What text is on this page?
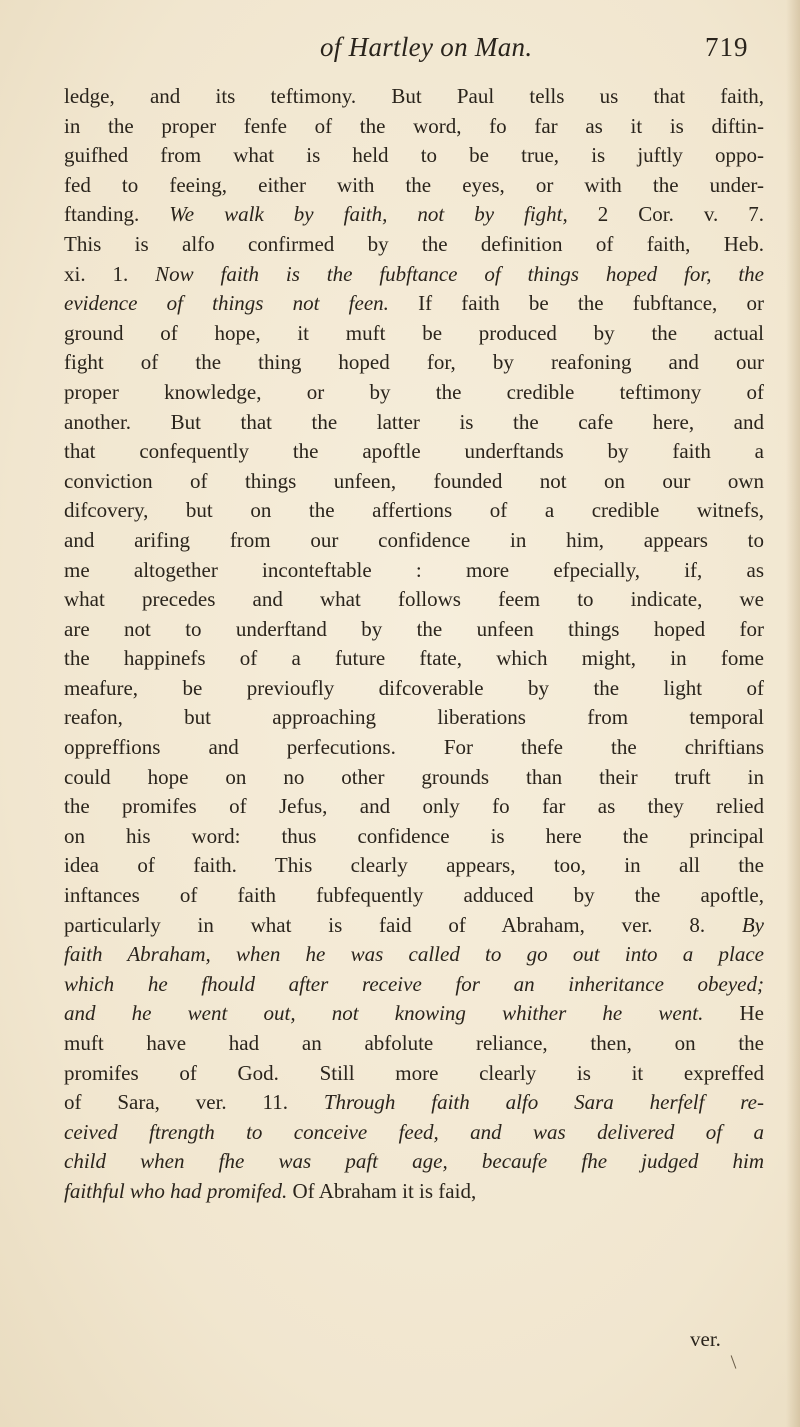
of Hartley on Man.	719
ledge, and its teftimony. But Paul tells us that faith,
in the proper fenfe of the word, fo far as it is diftin-
guifhed from what is held to be true, is juftly oppo-
fed to feeing, either with the eyes, or with the under-
ftanding. We walk by faith, not by fight, 2 Cor. v. 7.
This is alfo confirmed by the definition of faith, Heb.
xi. 1. Now faith is the fubftance of things hoped for, the
evidence of things not feen. If faith be the fubftance, or
ground of hope, it muft be produced by the actual
fight of the thing hoped for, by reafoning and our
proper knowledge, or by the credible teftimony of
another. But that the latter is the cafe here, and
that confequently the apoftle underftands by faith a
conviction of things unfeen, founded not on our own
difcovery, but on the affertions of a credible witnefs,
and arifing from our confidence in him, appears to
me altogether inconteftable : more efpecially, if, as
what precedes and what follows feem to indicate, we
are not to underftand by the unfeen things hoped for
the happinefs of a future ftate, which might, in fome
meafure, be previoufly difcoverable by the light of
reafon, but approaching liberations from temporal
oppreffions and perfecutions. For thefe the chriftians
could hope on no other grounds than their truft in
the promifes of Jefus, and only fo far as they relied
on his word: thus confidence is here the principal
idea of faith. This clearly appears, too, in all the
inftances of faith fubfequently adduced by the apoftle,
particularly in what is faid of Abraham, ver. 8. By
faith Abraham, when he was called to go out into a place
which he fhould after receive for an inheritance obeyed;
and he went out, not knowing whither he went. He
muft have had an abfolute reliance, then, on the
promifes of God. Still more clearly is it expreffed
of Sara, ver. 11. Through faith alfo Sara herfelf re-
ceived ftrength to conceive feed, and was delivered of a
child when fhe was paft age, becaufe fhe judged him
faithful who had promifed. Of Abraham it is faid,
ver.
